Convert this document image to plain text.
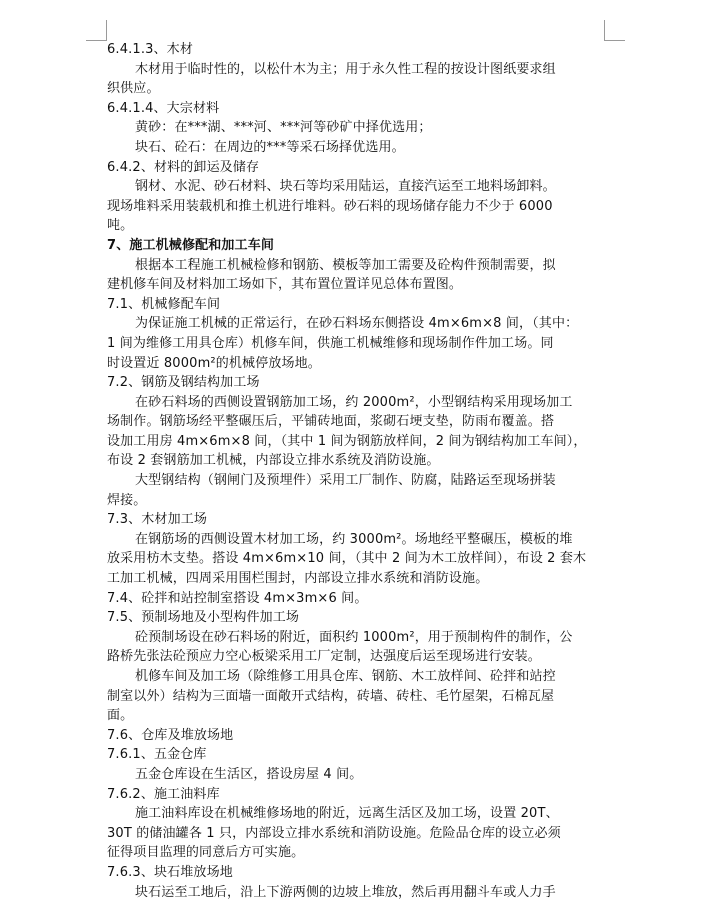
6.4.1.3、木材
木材用于临时性的，以松什木为主；用于永久性工程的按设计图纸要求组
织供应。
6.4.1.4、大宗材料
黄砂：在***湖、***河、***河等砂矿中择优选用；
块石、砼石：在周边的***等采石场择优选用。
6.4.2、材料的卸运及储存
钢材、水泥、砂石材料、块石等均采用陆运，直接汽运至工地料场卸料。
现场堆料采用装载机和推土机进行堆料。砂石料的现场储存能力不少于 6000
吨。
7、施工机械修配和加工车间
根据本工程施工机械检修和钢筋、模板等加工需要及砼构件预制需要，拟
建机修车间及材料加工场如下，其布置位置详见总体布置图。
7.1、机械修配车间
为保证施工机械的正常运行，在砂石料场东侧搭设 4m×6m×8 间，（其中：
1 间为维修工用具仓库）机修车间，供施工机械维修和现场制作件加工场。同
时设置近 8000m²的机械停放场地。
7.2、钢筋及钢结构加工场
在砂石料场的西侧设置钢筋加工场，约 2000m²，小型钢结构采用现场加工
场制作。钢筋场经平整碾压后，平铺砖地面，浆砌石埂支垫，防雨布覆盖。搭
设加工用房 4m×6m×8 间，（其中 1 间为钢筋放样间，2 间为钢结构加工车间），
布设 2 套钢筋加工机械，内部设立排水系统及消防设施。
大型钢结构（钢闸门及预埋件）采用工厂制作、防腐，陆路运至现场拼装
焊接。
7.3、木材加工场
在钢筋场的西侧设置木材加工场，约 3000m²。场地经平整碾压，模板的堆
放采用枋木支垫。搭设 4m×6m×10 间，（其中 2 间为木工放样间），布设 2 套木
工加工机械，四周采用围栏围封，内部设立排水系统和消防设施。
7.4、砼拌和站控制室搭设 4m×3m×6 间。
7.5、预制场地及小型构件加工场
砼预制场设在砂石料场的附近，面积约 1000m²，用于预制构件的制作，公
路桥先张法砼预应力空心板梁采用工厂定制，达强度后运至现场进行安装。
机修车间及加工场（除维修工用具仓库、钢筋、木工放样间、砼拌和站控
制室以外）结构为三面墙一面敞开式结构，砖墙、砖柱、毛竹屋架，石棉瓦屋
面。
7.6、仓库及堆放场地
7.6.1、五金仓库
五金仓库设在生活区，搭设房屋 4 间。
7.6.2、施工油料库
施工油料库设在机械维修场地的附近，远离生活区及加工场，设置 20T、
30T 的储油罐各 1 只，内部设立排水系统和消防设施。危险品仓库的设立必须
征得项目监理的同意后方可实施。
7.6.3、块石堆放场地
块石运至工地后，沿上下游两侧的边坡上堆放，然后再用翻斗车或人力手
